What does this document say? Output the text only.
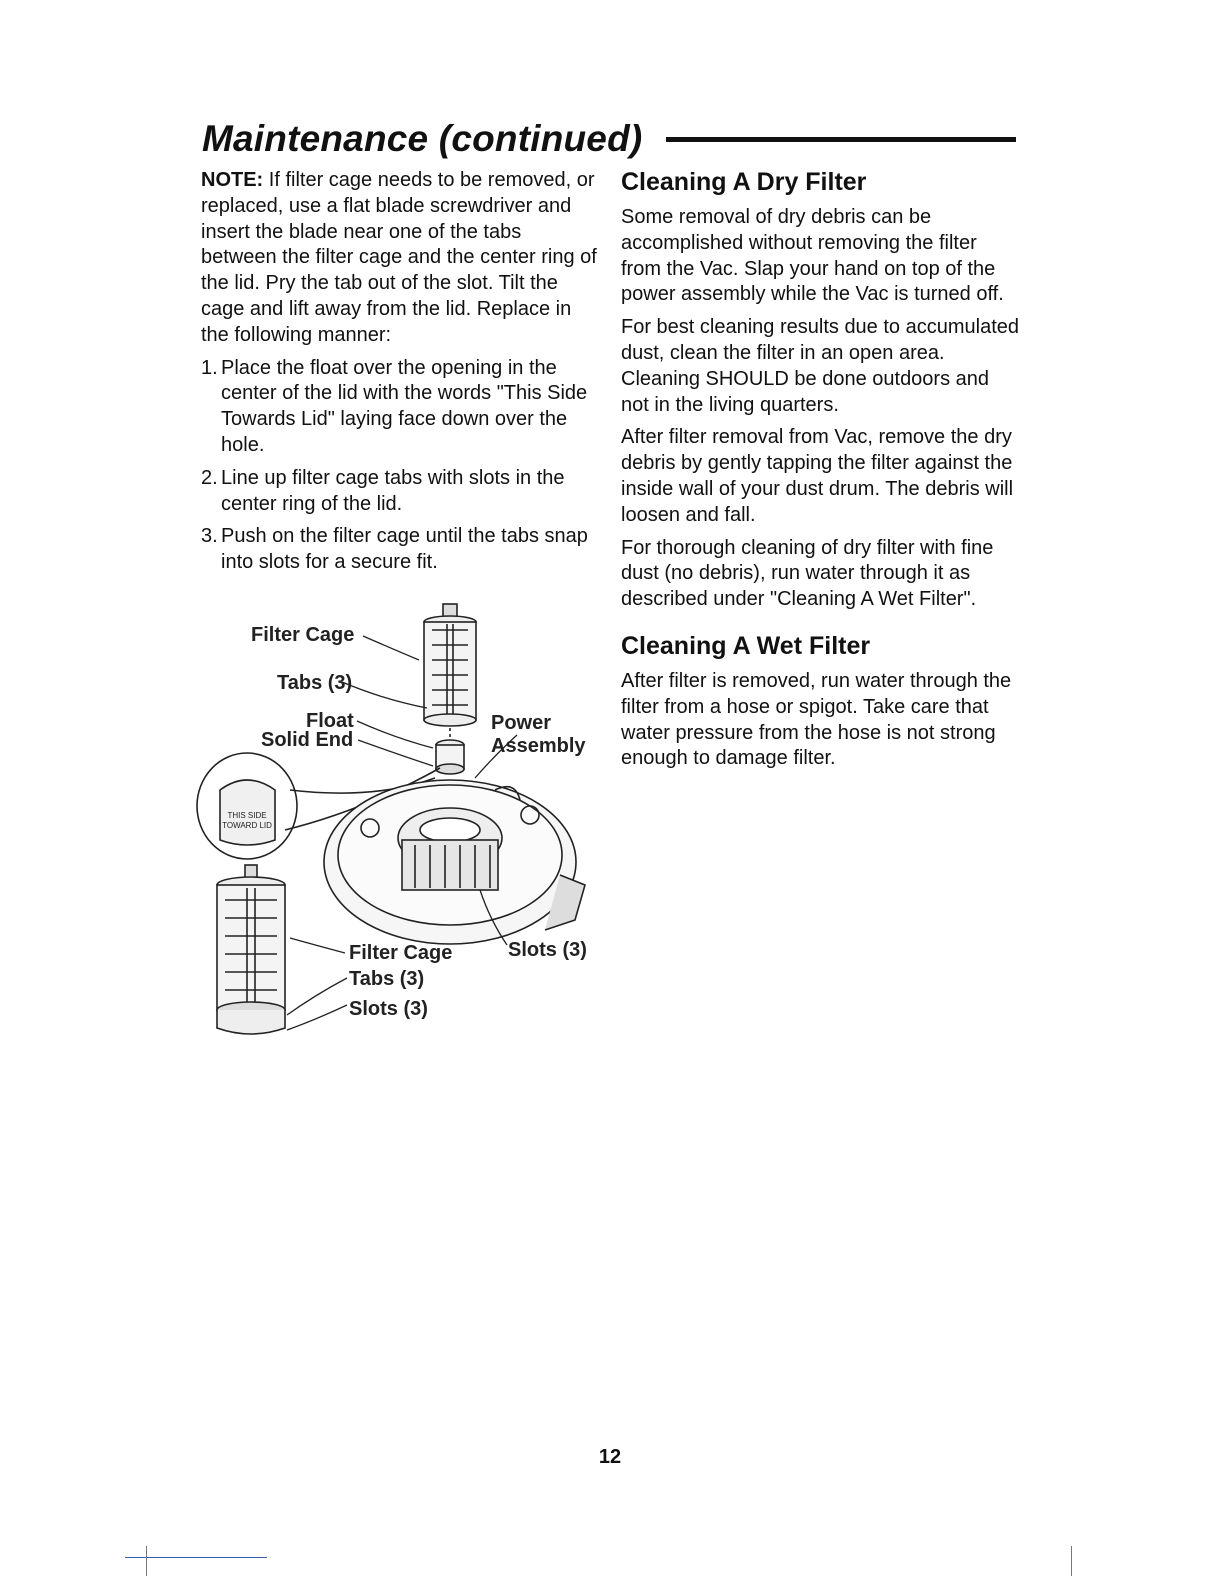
Maintenance (continued)

NOTE: If filter cage needs to be removed, or replaced, use a flat blade screwdriver and insert the blade near one of the tabs between the filter cage and the center ring of the lid. Pry the tab out of the slot. Tilt the cage and lift away from the lid. Replace in the following manner:

1. Place the float over the opening in the center of the lid with the words "This Side Towards Lid" laying face down over the hole.
2. Line up filter cage tabs with slots in the center ring of the lid.
3. Push on the filter cage until the tabs snap into slots for a secure fit.
THIS SIDE
TOWARD LID
Filter Cage
Tabs (3)
Float
Solid End
Power
Assembly
Filter Cage	Slots (3)
Tabs (3)
Slots (3)
Cleaning A Dry Filter

Some removal of dry debris can be accomplished without removing the filter from the Vac. Slap your hand on top of the power assembly while the Vac is turned off.

For best cleaning results due to accumulated dust, clean the filter in an open area. Cleaning SHOULD be done outdoors and not in the living quarters.

After filter removal from Vac, remove the dry debris by gently tapping the filter against the inside wall of your dust drum. The debris will loosen and fall.

For thorough cleaning of dry filter with fine dust (no debris), run water through it as described under "Cleaning A Wet Filter".

Cleaning A Wet Filter

After filter is removed, run water through the filter from a hose or spigot. Take care that water pressure from the hose is not strong enough to damage filter.

12
